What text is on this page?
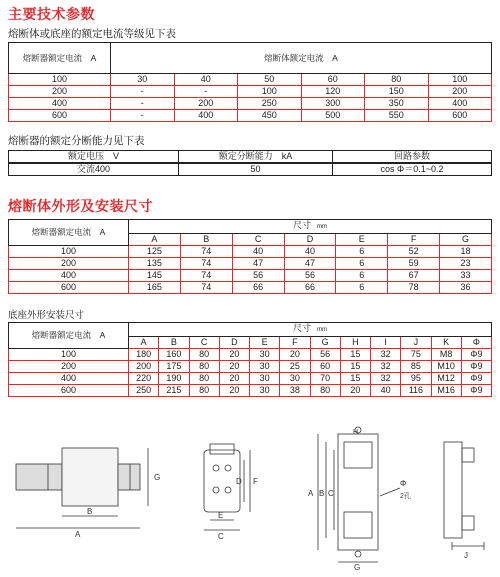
主要技术参数
熔断体或底座的额定电流等级见下表
熔断器额定电流　A	熔断体额定电流　A					
100	30	40	50	60	80	100
200	-	-	100	120	150	200
400	-	200	250	300	350	400
600	-	400	450	500	550	600
熔断器的额定分断能力见下表
额定电压　V	额定分断能力　kA	回路参数
交流400	50	cos Φ＝0.1~0.2
熔断体外形及安装尺寸
熔断器额定电流　A	尺寸 mm						
	A	B	C	D	E	F	G
100	125	74	40	40	6	52	18
200	135	74	47	47	6	59	23
400	145	74	56	56	6	67	33
600	165	74	66	66	6	78	36
底座外形安装尺寸
熔断器额定电流　A	尺寸 mm											
	A	B	C	D	E	F	G	H	I	J	K	Φ
100	180	160	80	20	30	20	56	15	32	75	M8	Φ9
200	200	175	80	20	30	25	60	15	32	85	M10	Φ9
400	220	190	80	20	30	30	70	15	32	95	M12	Φ9
600	250	215	80	20	30	38	80	20	40	116	M16	Φ9
G
B
A
F
D
E
C
A B C
H
Φ
2孔
G
J
